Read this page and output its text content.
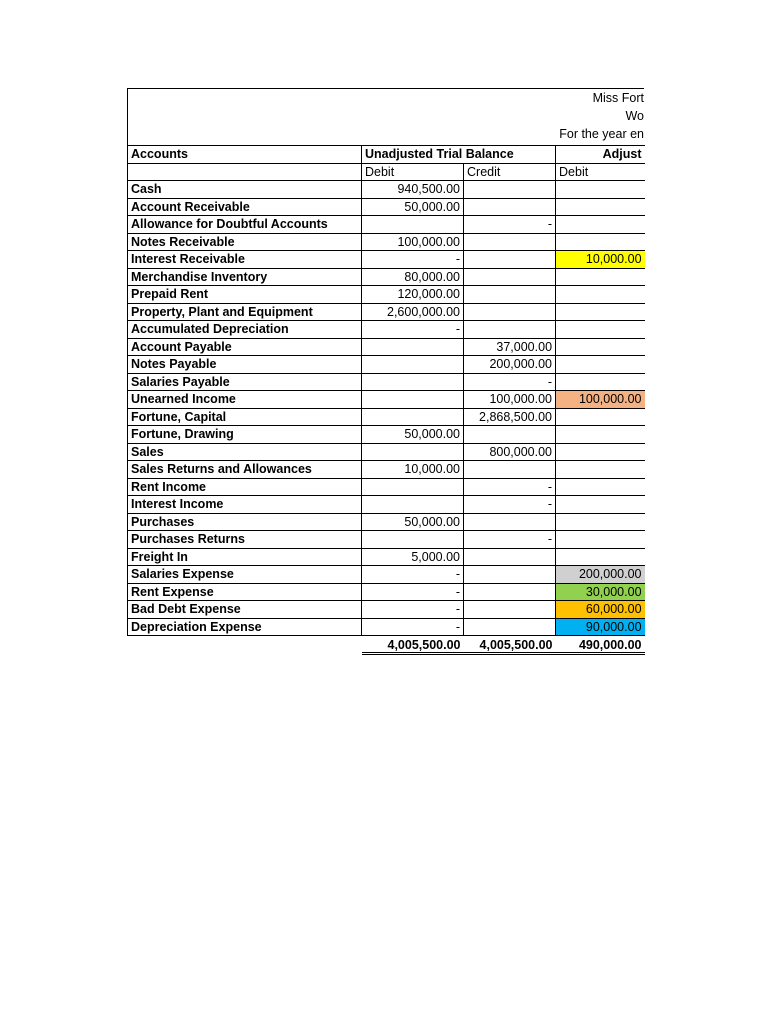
Miss Fort
Wo
For the year en
Accounts	Unadjusted Trial Balance		Adjust
	Debit	Credit	Debit
Cash	940,500.00		
Account Receivable	50,000.00		
Allowance for Doubtful Accounts		-	
Notes Receivable	100,000.00		
Interest Receivable	-		10,000.00
Merchandise Inventory	80,000.00		
Prepaid Rent	120,000.00		
Property, Plant and Equipment	2,600,000.00		
Accumulated Depreciation	-		
Account Payable		37,000.00	
Notes Payable		200,000.00	
Salaries Payable		-	
Unearned Income		100,000.00	100,000.00
Fortune, Capital		2,868,500.00	
Fortune, Drawing	50,000.00		
Sales		800,000.00	
Sales Returns and Allowances	10,000.00		
Rent Income		-	
Interest Income		-	
Purchases	50,000.00		
Purchases Returns		-	
Freight In	5,000.00		
Salaries Expense	-		200,000.00
Rent Expense	-		30,000.00
Bad Debt Expense	-		60,000.00
Depreciation Expense	-		90,000.00
	4,005,500.00	4,005,500.00	490,000.00
